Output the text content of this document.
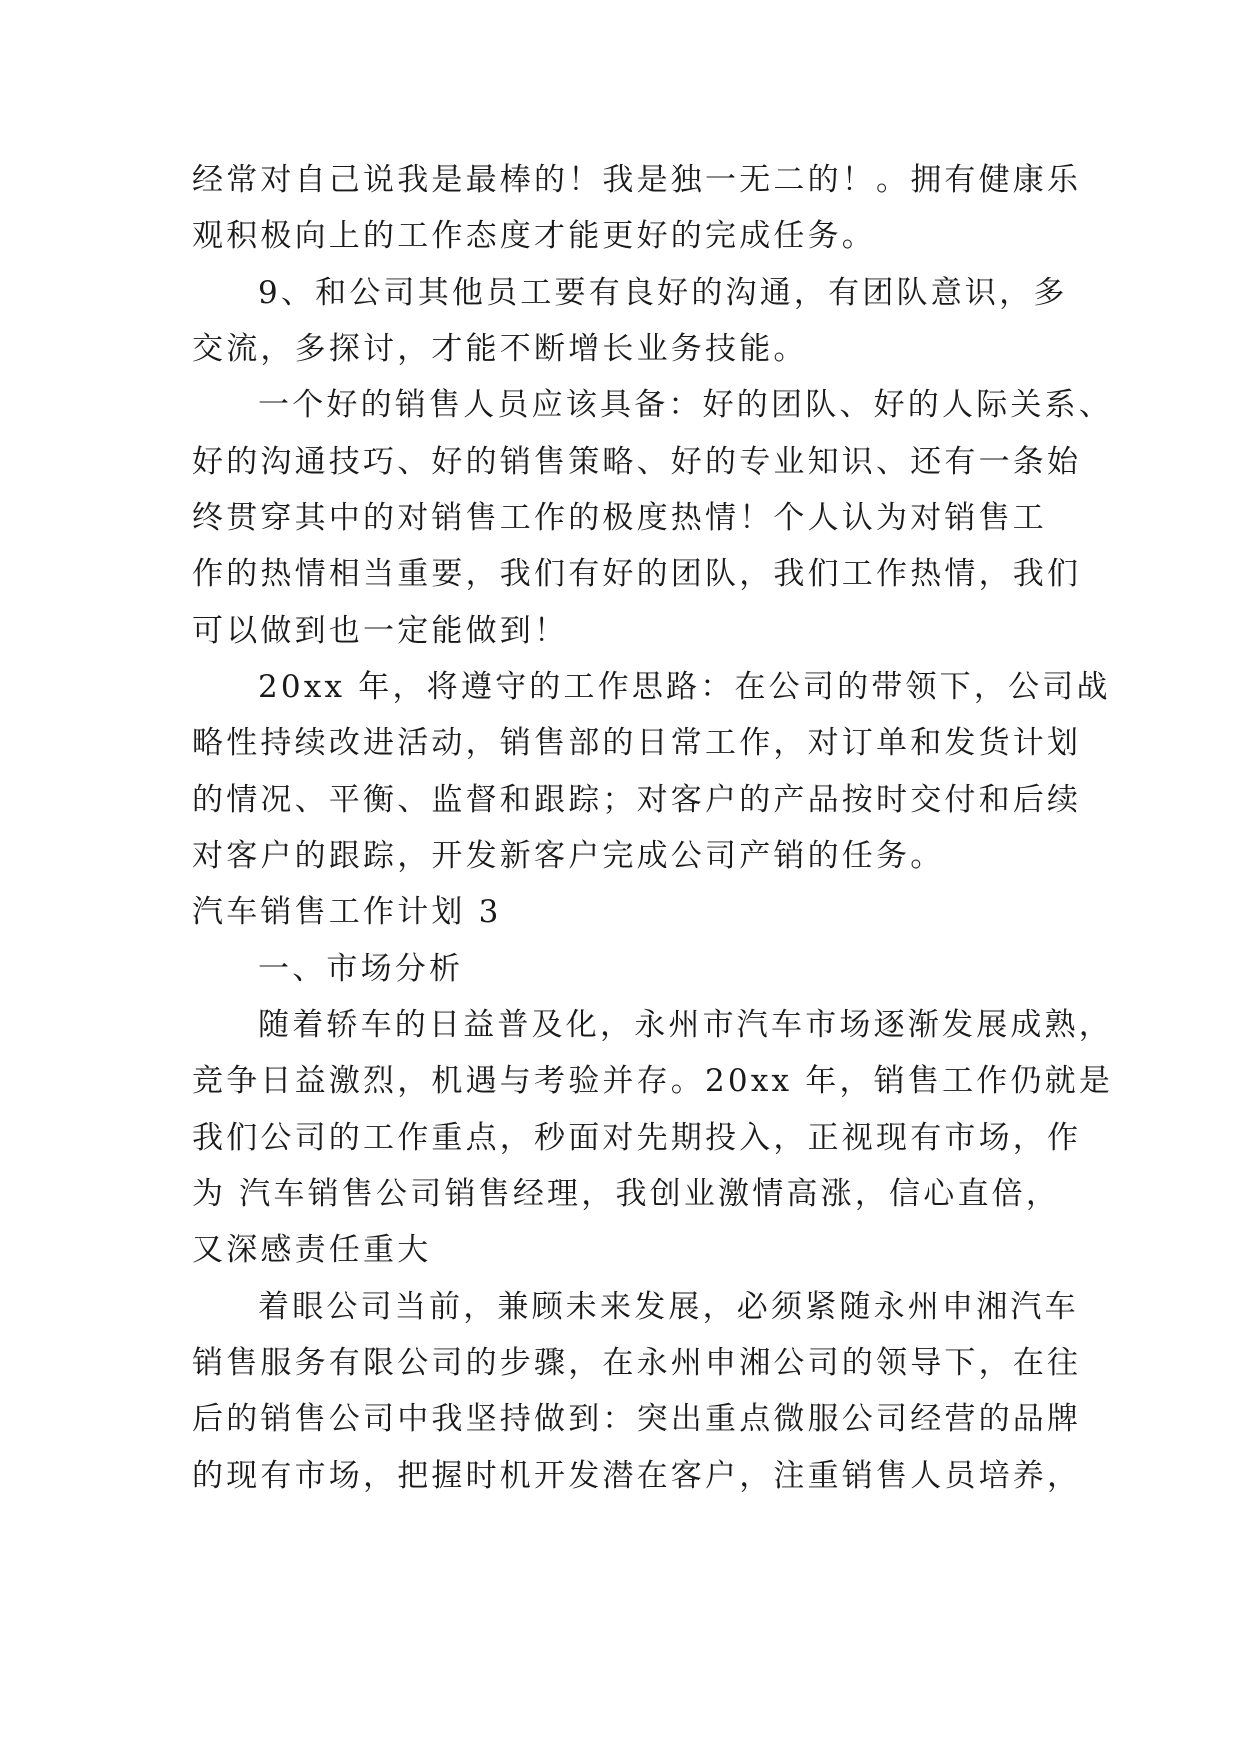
经常对自己说我是最棒的！我是独一无二的！。拥有健康乐
观积极向上的工作态度才能更好的完成任务。
9、和公司其他员工要有良好的沟通，有团队意识，多
交流，多探讨，才能不断增长业务技能。
一个好的销售人员应该具备：好的团队、好的人际关系、
好的沟通技巧、好的销售策略、好的专业知识、还有一条始
终贯穿其中的对销售工作的极度热情！个人认为对销售工
作的热情相当重要，我们有好的团队，我们工作热情，我们
可以做到也一定能做到！
20xx 年，将遵守的工作思路：在公司的带领下，公司战
略性持续改进活动，销售部的日常工作，对订单和发货计划
的情况、平衡、监督和跟踪；对客户的产品按时交付和后续
对客户的跟踪，开发新客户完成公司产销的任务。
汽车销售工作计划 3
一、市场分析
随着轿车的日益普及化，永州市汽车市场逐渐发展成熟，
竞争日益激烈，机遇与考验并存。20xx 年，销售工作仍就是
我们公司的工作重点，秒面对先期投入，正视现有市场，作
为 汽车销售公司销售经理，我创业激情高涨，信心直倍，
又深感责任重大
着眼公司当前，兼顾未来发展，必须紧随永州申湘汽车
销售服务有限公司的步骤，在永州申湘公司的领导下，在往
后的销售公司中我坚持做到：突出重点微服公司经营的品牌
的现有市场，把握时机开发潜在客户，注重销售人员培养，
